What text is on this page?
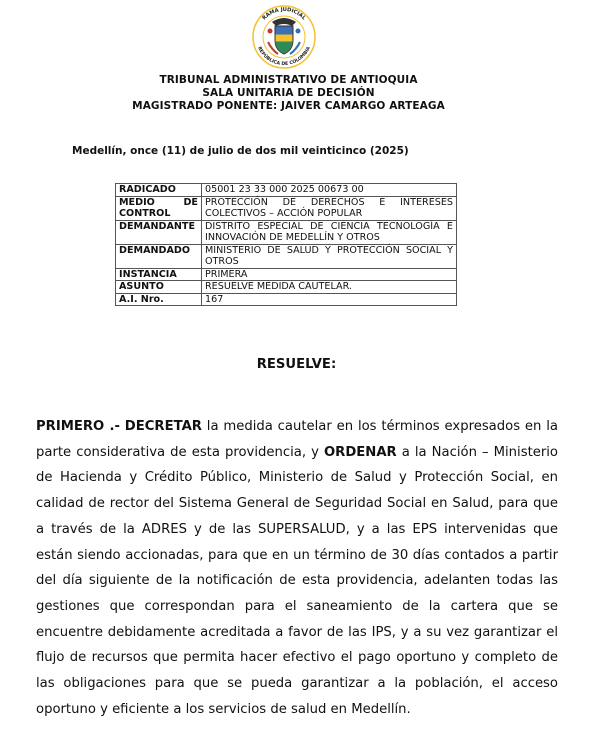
RAMA JUDICIAL
REPÚBLICA DE COLOMBIA
TRIBUNAL ADMINISTRATIVO DE ANTIOQUIA
SALA UNITARIA DE DECISIÓN
MAGISTRADO PONENTE: JAIVER CAMARGO ARTEAGA
Medellín, once (11) de julio de dos mil veinticinco (2025)
RADICADO	05001 23 33 000 2025 00673 00

MEDIO DE
CONTROL	PROTECCIÓN DE DERECHOS E INTERESES COLECTIVOS – ACCIÓN POPULAR
DEMANDANTE	DISTRITO ESPECIAL DE CIENCIA TECNOLOGÍA E INNOVACIÓN DE MEDELLÍN Y OTROS
DEMANDADO	MINISTERIO DE SALUD Y PROTECCIÓN SOCIAL Y OTROS
INSTANCIA	PRIMERA
ASUNTO	RESUELVE MEDIDA CAUTELAR.
A.I. Nro.	167
RESUELVE:
PRIMERO .- DECRETAR la medida cautelar en los términos expresados en la parte considerativa de esta providencia, y ORDENAR a la Nación – Ministerio de Hacienda y Crédito Público, Ministerio de Salud y Protección Social, en calidad de rector del Sistema General de Seguridad Social en Salud, para que a través de la ADRES y de las SUPERSALUD, y a las EPS intervenidas que están siendo accionadas, para que en un término de 30 días contados a partir del día siguiente de la notificación de esta providencia, adelanten todas las gestiones que correspondan para el saneamiento de la cartera que se encuentre debidamente acreditada a favor de las IPS, y a su vez garantizar el flujo de recursos que permita hacer efectivo el pago oportuno y completo de las obligaciones para que se pueda garantizar a la población, el acceso oportuno y eficiente a los servicios de salud en Medellín.
